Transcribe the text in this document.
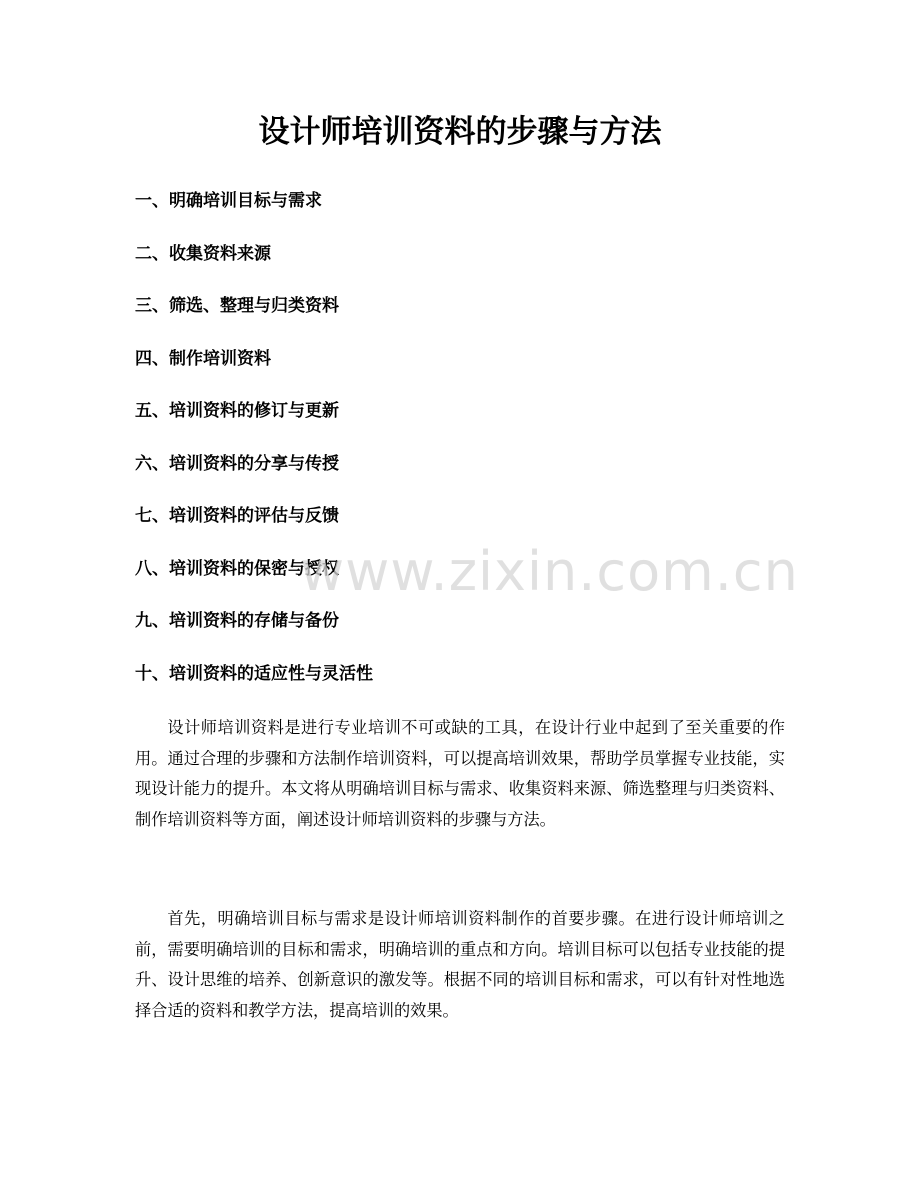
设计师培训资料的步骤与方法
一、明确培训目标与需求
二、收集资料来源
三、筛选、整理与归类资料
四、制作培训资料
五、培训资料的修订与更新
六、培训资料的分享与传授
七、培训资料的评估与反馈
八、培训资料的保密与授权
九、培训资料的存储与备份
十、培训资料的适应性与灵活性

设计师培训资料是进行专业培训不可或缺的工具，在设计行业中起到了至关重要的作用。通过合理的步骤和方法制作培训资料，可以提高培训效果，帮助学员掌握专业技能，实现设计能力的提升。本文将从明确培训目标与需求、收集资料来源、筛选整理与归类资料、制作培训资料等方面，阐述设计师培训资料的步骤与方法。

首先，明确培训目标与需求是设计师培训资料制作的首要步骤。在进行设计师培训之前，需要明确培训的目标和需求，明确培训的重点和方向。培训目标可以包括专业技能的提升、设计思维的培养、创新意识的激发等。根据不同的培训目标和需求，可以有针对性地选择合适的资料和教学方法，提高培训的效果。

www.zixin.com.cn
